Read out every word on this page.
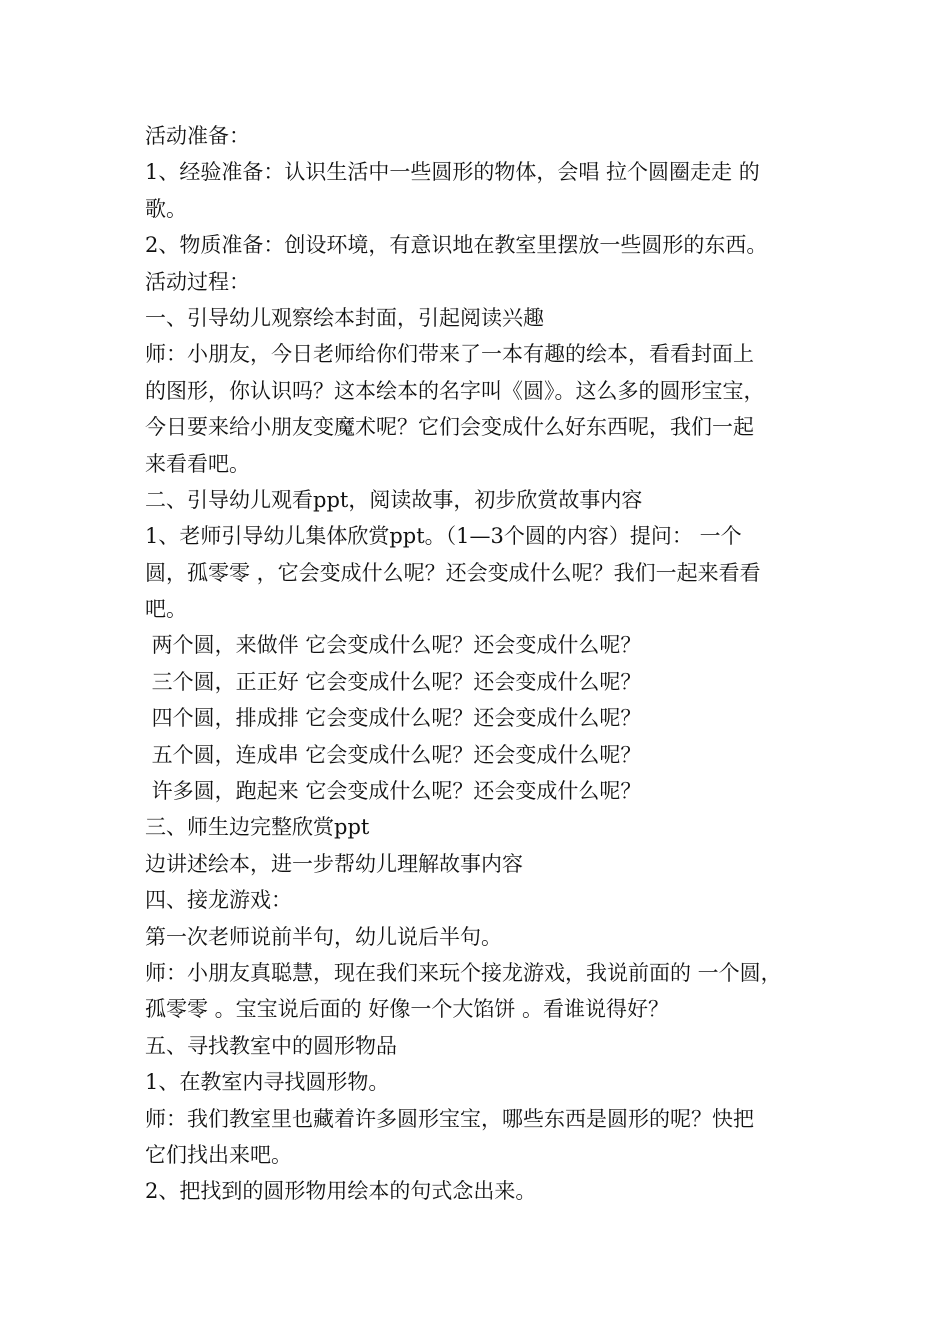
活动准备：

1、经验准备：认识生活中一些圆形的物体，会唱 拉个圆圈走走 的

歌。

2、物质准备：创设环境，有意识地在教室里摆放一些圆形的东西。

活动过程：

一、引导幼儿观察绘本封面，引起阅读兴趣

师：小朋友，今日老师给你们带来了一本有趣的绘本，看看封面上

的图形，你认识吗？这本绘本的名字叫《圆》。这么多的圆形宝宝，

今日要来给小朋友变魔术呢？它们会变成什么好东西呢，我们一起

来看看吧。

二、引导幼儿观看ppt，阅读故事，初步欣赏故事内容

1、老师引导幼儿集体欣赏ppt。（1—3个圆的内容）提问： 一个

圆，孤零零 ，它会变成什么呢？还会变成什么呢？我们一起来看看

吧。

两个圆，来做伴 它会变成什么呢？还会变成什么呢？

三个圆，正正好 它会变成什么呢？还会变成什么呢？

四个圆，排成排 它会变成什么呢？还会变成什么呢？

五个圆，连成串 它会变成什么呢？还会变成什么呢？

许多圆，跑起来 它会变成什么呢？还会变成什么呢？

三、师生边完整欣赏ppt

边讲述绘本，进一步帮幼儿理解故事内容

四、接龙游戏：

第一次老师说前半句，幼儿说后半句。

师：小朋友真聪慧，现在我们来玩个接龙游戏，我说前面的 一个圆，

孤零零 。宝宝说后面的 好像一个大馅饼 。看谁说得好？

五、寻找教室中的圆形物品

1、在教室内寻找圆形物。

师：我们教室里也藏着许多圆形宝宝，哪些东西是圆形的呢？快把

它们找出来吧。

2、把找到的圆形物用绘本的句式念出来。
